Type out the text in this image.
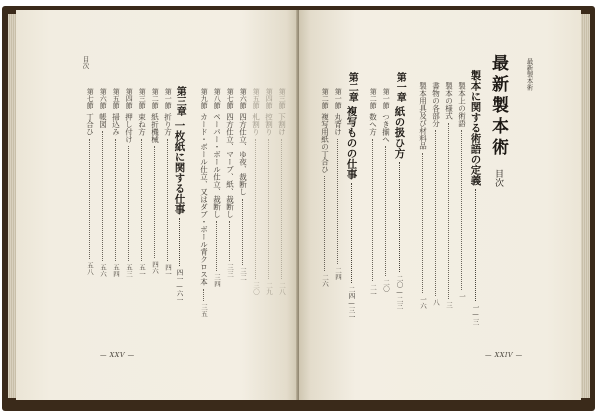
目次
第七節
丁合ひ
五八
第六節
帳図
五六
第五節
掃込み
五四
第四節
押し付け
五三
第三節
束ね方
五一
第二節
紙折機械
四六
第一節
折り方
四一
第三章
一枚紙に関する仕事
四一—六一
第九節
カード・ボール仕立、又はダブ・ボール背クロス本
三五
第八節
ペーパー・ボール仕立、裁断し
三四
第七節
四方仕立、マーブ、紙、裁断し
三三
第六節
四方仕立、ゆ夜、裁断し
三二
第五節
札割り
三〇
第四節
控割り
二九
第三節
下割け
二八
— XXV —
第二節
複写用紙の丁合ひ
二六
第一節
丸背け
二四
第二章
複写ものの仕事
二四—三一
第二節
数へ方
二一
第一節
つき揃へ
二〇
第一章
紙の扱ひ方
二〇—二三
製本用具及び材料品
一六
書物の各部分
八
製本の様式
三
製本上の術語
一
製本に関する術語の定義
一—三
最新製本術
目次
最新製本術
— XXIV —
